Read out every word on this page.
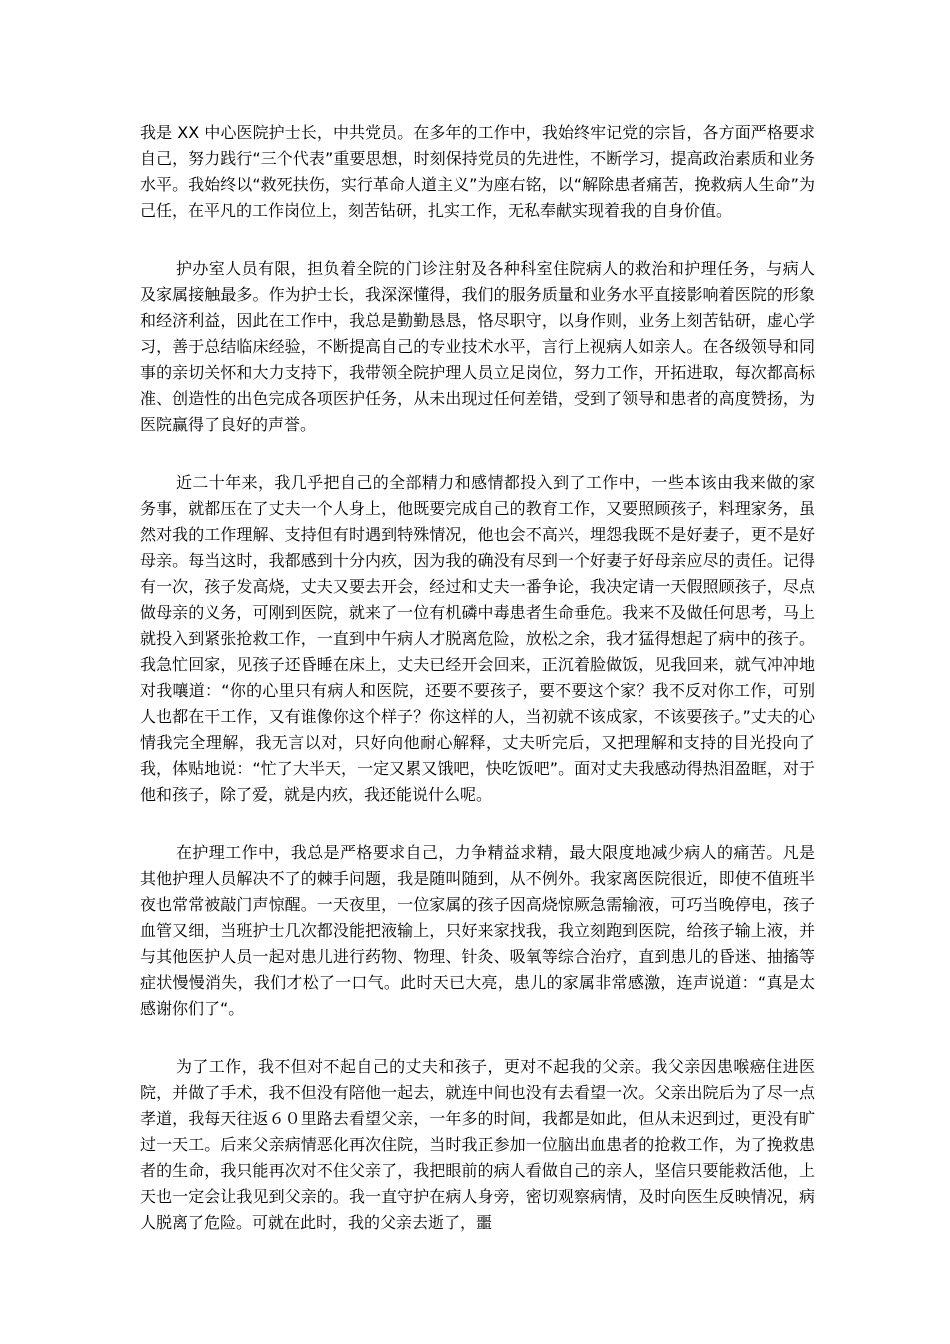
我是 XX 中心医院护士长，中共党员。在多年的工作中，我始终牢记党的宗旨，各方面严格要求自己，努力践行“三个代表”重要思想，时刻保持党员的先进性，不断学习，提高政治素质和业务水平。我始终以“救死扶伤，实行革命人道主义”为座右铭，以“解除患者痛苦，挽救病人生命”为己任，在平凡的工作岗位上，刻苦钻研，扎实工作，无私奉献实现着我的自身价值。

护办室人员有限，担负着全院的门诊注射及各种科室住院病人的救治和护理任务，与病人及家属接触最多。作为护士长，我深深懂得，我们的服务质量和业务水平直接影响着医院的形象和经济利益，因此在工作中，我总是勤勤恳恳，恪尽职守，以身作则，业务上刻苦钻研，虚心学习，善于总结临床经验，不断提高自己的专业技术水平，言行上视病人如亲人。在各级领导和同事的亲切关怀和大力支持下，我带领全院护理人员立足岗位，努力工作，开拓进取，每次都高标准、创造性的出色完成各项医护任务，从未出现过任何差错，受到了领导和患者的高度赞扬，为医院赢得了良好的声誉。

近二十年来，我几乎把自己的全部精力和感情都投入到了工作中，一些本该由我来做的家务事，就都压在了丈夫一个人身上，他既要完成自己的教育工作，又要照顾孩子，料理家务，虽然对我的工作理解、支持但有时遇到特殊情况，他也会不高兴，埋怨我既不是好妻子，更不是好母亲。每当这时，我都感到十分内疚，因为我的确没有尽到一个好妻子好母亲应尽的责任。记得有一次，孩子发高烧，丈夫又要去开会，经过和丈夫一番争论，我决定请一天假照顾孩子，尽点做母亲的义务，可刚到医院，就来了一位有机磷中毒患者生命垂危。我来不及做任何思考，马上就投入到紧张抢救工作，一直到中午病人才脱离危险，放松之余，我才猛得想起了病中的孩子。我急忙回家，见孩子还昏睡在床上，丈夫已经开会回来，正沉着脸做饭，见我回来，就气冲冲地对我嚷道：“你的心里只有病人和医院，还要不要孩子，要不要这个家？我不反对你工作，可别人也都在干工作，又有谁像你这个样子？你这样的人，当初就不该成家，不该要孩子。”丈夫的心情我完全理解，我无言以对，只好向他耐心解释，丈夫听完后，又把理解和支持的目光投向了我，体贴地说：“忙了大半天，一定又累又饿吧，快吃饭吧”。面对丈夫我感动得热泪盈眶，对于他和孩子，除了爱，就是内疚，我还能说什么呢。

在护理工作中，我总是严格要求自己，力争精益求精，最大限度地减少病人的痛苦。凡是其他护理人员解决不了的棘手问题，我是随叫随到，从不例外。我家离医院很近，即使不值班半夜也常常被敲门声惊醒。一天夜里，一位家属的孩子因高烧惊厥急需输液，可巧当晚停电，孩子血管又细，当班护士几次都没能把液输上，只好来家找我，我立刻跑到医院，给孩子输上液，并与其他医护人员一起对患儿进行药物、物理、针灸、吸氧等综合治疗，直到患儿的昏迷、抽搐等症状慢慢消失，我们才松了一口气。此时天已大亮，患儿的家属非常感激，连声说道：“真是太感谢你们了“。

为了工作，我不但对不起自己的丈夫和孩子，更对不起我的父亲。我父亲因患喉癌住进医院，并做了手术，我不但没有陪他一起去，就连中间也没有去看望一次。父亲出院后为了尽一点孝道，我每天往返６０里路去看望父亲，一年多的时间，我都是如此，但从未迟到过，更没有旷过一天工。后来父亲病情恶化再次住院，当时我正参加一位脑出血患者的抢救工作，为了挽救患者的生命，我只能再次对不住父亲了，我把眼前的病人看做自己的亲人，坚信只要能救活他，上天也一定会让我见到父亲的。我一直守护在病人身旁，密切观察病情，及时向医生反映情况，病人脱离了危险。可就在此时，我的父亲去逝了，噩
